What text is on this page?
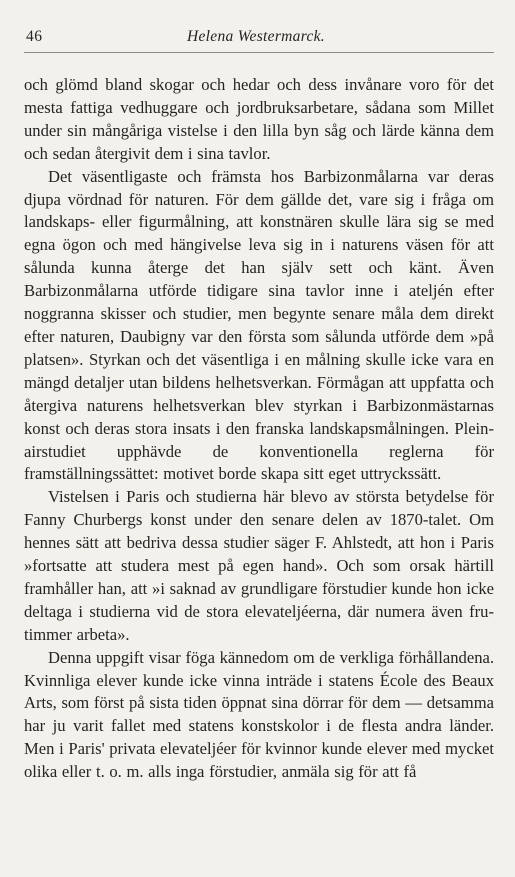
46	Helena Westermarck.

och glömd bland skogar och hedar och dess invånare voro för det mesta fattiga vedhuggare och jordbruksarbetare, sådana som Millet under sin mångåriga vistelse i den lilla byn såg och lärde känna dem och sedan återgivit dem i sina tavlor.

Det väsentligaste och främsta hos Barbizonmålarna var deras djupa vördnad för naturen. För dem gällde det, vare sig i fråga om landskaps- eller figurmålning, att konstnären skulle lära sig se med egna ögon och med hängivelse leva sig in i naturens väsen för att sålunda kunna återge det han själv sett och känt. Även Barbizonmålarna utförde tidigare sina tavlor inne i ateljén efter noggranna skisser och studier, men begynte senare måla dem direkt efter naturen, Daubigny var den första som sålunda utförde dem »på platsen». Styrkan och det väsentliga i en målning skulle icke vara en mängd detaljer utan bildens helhetsverkan. Förmågan att uppfatta och återgiva naturens helhetsverkan blev styrkan i Barbizonmästarnas konst och deras stora insats i den franska landskapsmålningen. Plein-airstudiet upphävde de konventionella reglerna för framställningssättet: motivet borde skapa sitt eget uttryckssätt.

Vistelsen i Paris och studierna här blevo av största betydelse för Fanny Churbergs konst under den senare delen av 1870-talet. Om hennes sätt att bedriva dessa studier säger F. Ahlstedt, att hon i Paris »fortsatte att studera mest på egen hand». Och som orsak härtill framhåller han, att »i saknad av grundligare förstudier kunde hon icke deltaga i studierna vid de stora elevateljéerna, där numera även frutimmer arbeta».

Denna uppgift visar föga kännedom om de verkliga förhållandena. Kvinnliga elever kunde icke vinna inträde i statens École des Beaux Arts, som först på sista tiden öppnat sina dörrar för dem — detsamma har ju varit fallet med statens konstskolor i de flesta andra länder. Men i Paris' privata elevateljéer för kvinnor kunde elever med mycket olika eller t. o. m. alls inga förstudier, anmäla sig för att få
